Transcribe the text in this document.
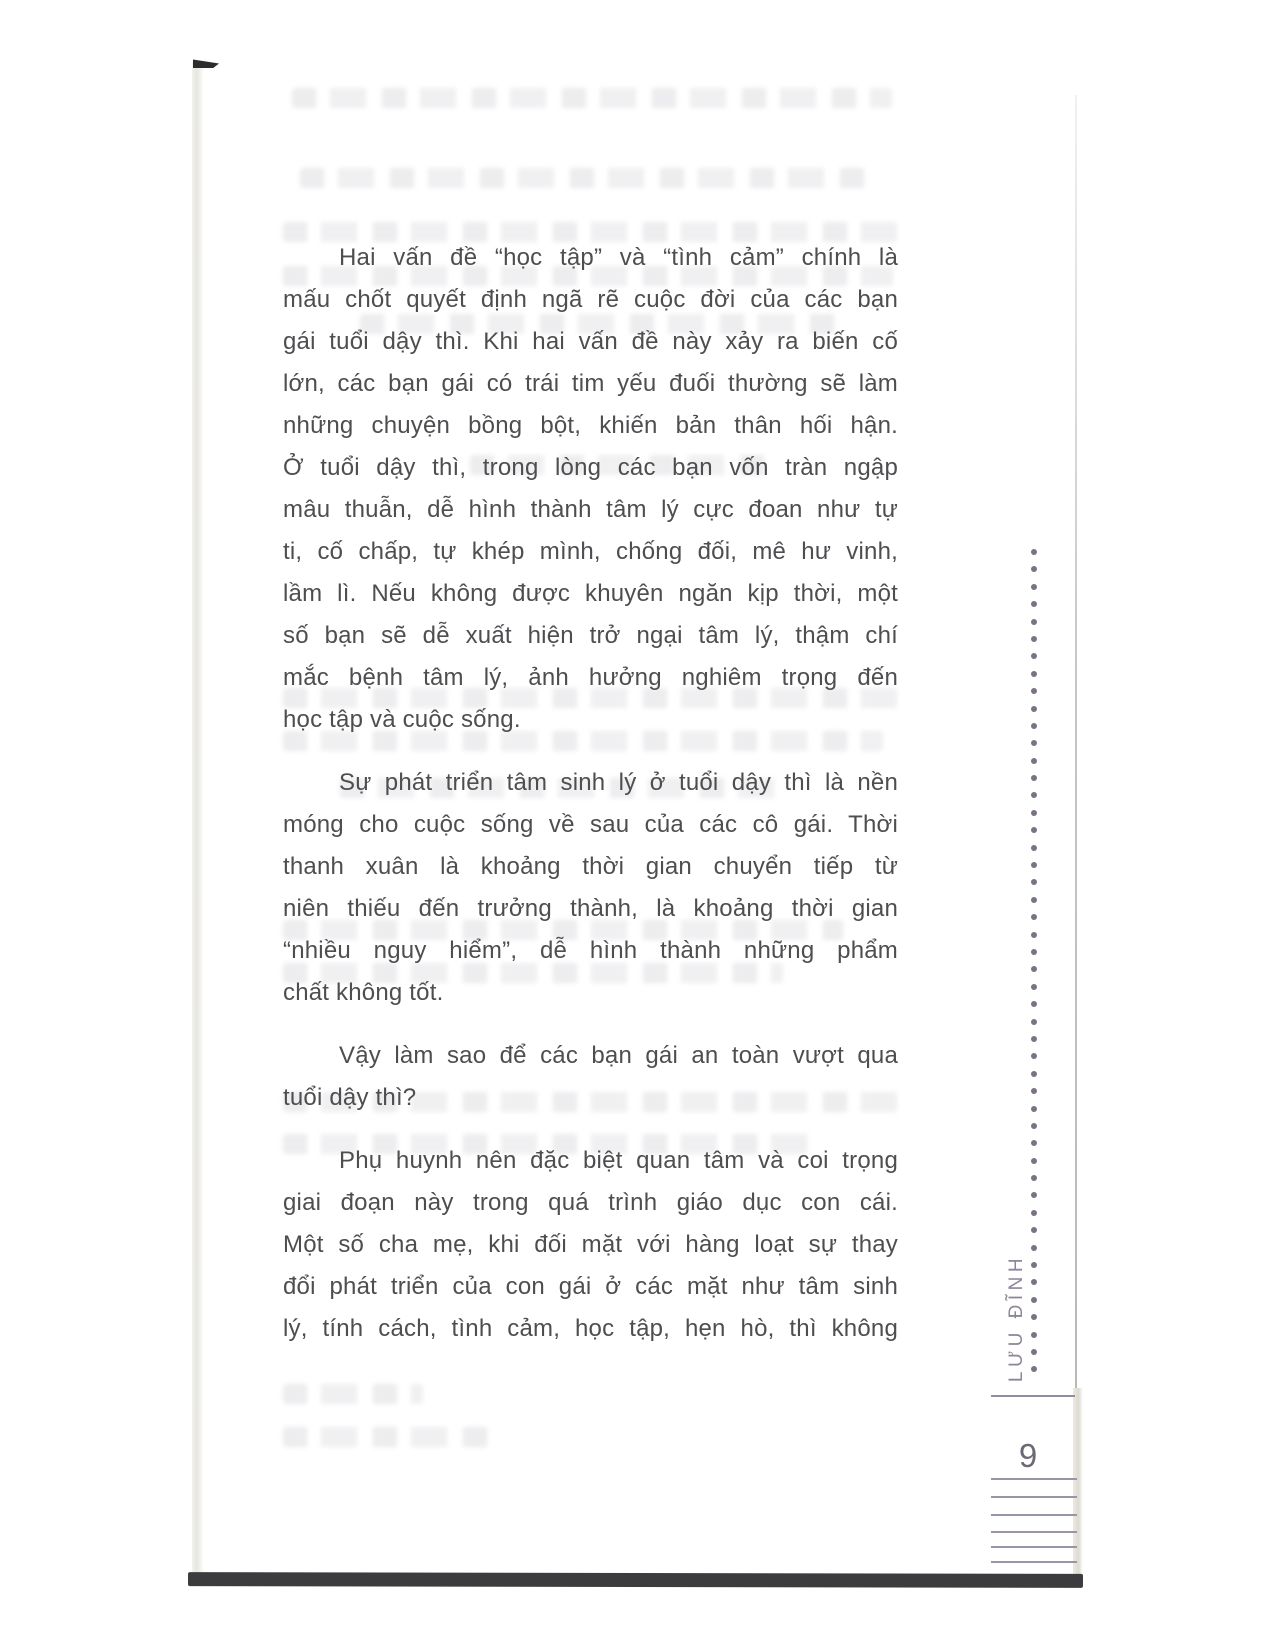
Hai vấn đề “học tập” và “tình cảm” chính là
mấu chốt quyết định ngã rẽ cuộc đời của các bạn
gái tuổi dậy thì. Khi hai vấn đề này xảy ra biến cố
lớn, các bạn gái có trái tim yếu đuối thường sẽ làm
những chuyện bồng bột, khiến bản thân hối hận.
Ở tuổi dậy thì, trong lòng các bạn vốn tràn ngập
mâu thuẫn, dễ hình thành tâm lý cực đoan như tự
ti, cố chấp, tự khép mình, chống đối, mê hư vinh,
lầm lì. Nếu không được khuyên ngăn kịp thời, một
số bạn sẽ dễ xuất hiện trở ngại tâm lý, thậm chí
mắc bệnh tâm lý, ảnh hưởng nghiêm trọng đến
học tập và cuộc sống.
Sự phát triển tâm sinh lý ở tuổi dậy thì là nền
móng cho cuộc sống về sau của các cô gái. Thời
thanh xuân là khoảng thời gian chuyển tiếp từ
niên thiếu đến trưởng thành, là khoảng thời gian
“nhiều nguy hiểm”, dễ hình thành những phẩm
chất không tốt.
Vậy làm sao để các bạn gái an toàn vượt qua
tuổi dậy thì?
Phụ huynh nên đặc biệt quan tâm và coi trọng
giai đoạn này trong quá trình giáo dục con cái.
Một số cha mẹ, khi đối mặt với hàng loạt sự thay
đổi phát triển của con gái ở các mặt như tâm sinh
lý, tính cách, tình cảm, học tập, hẹn hò, thì không	LƯU ĐĨNH
9
